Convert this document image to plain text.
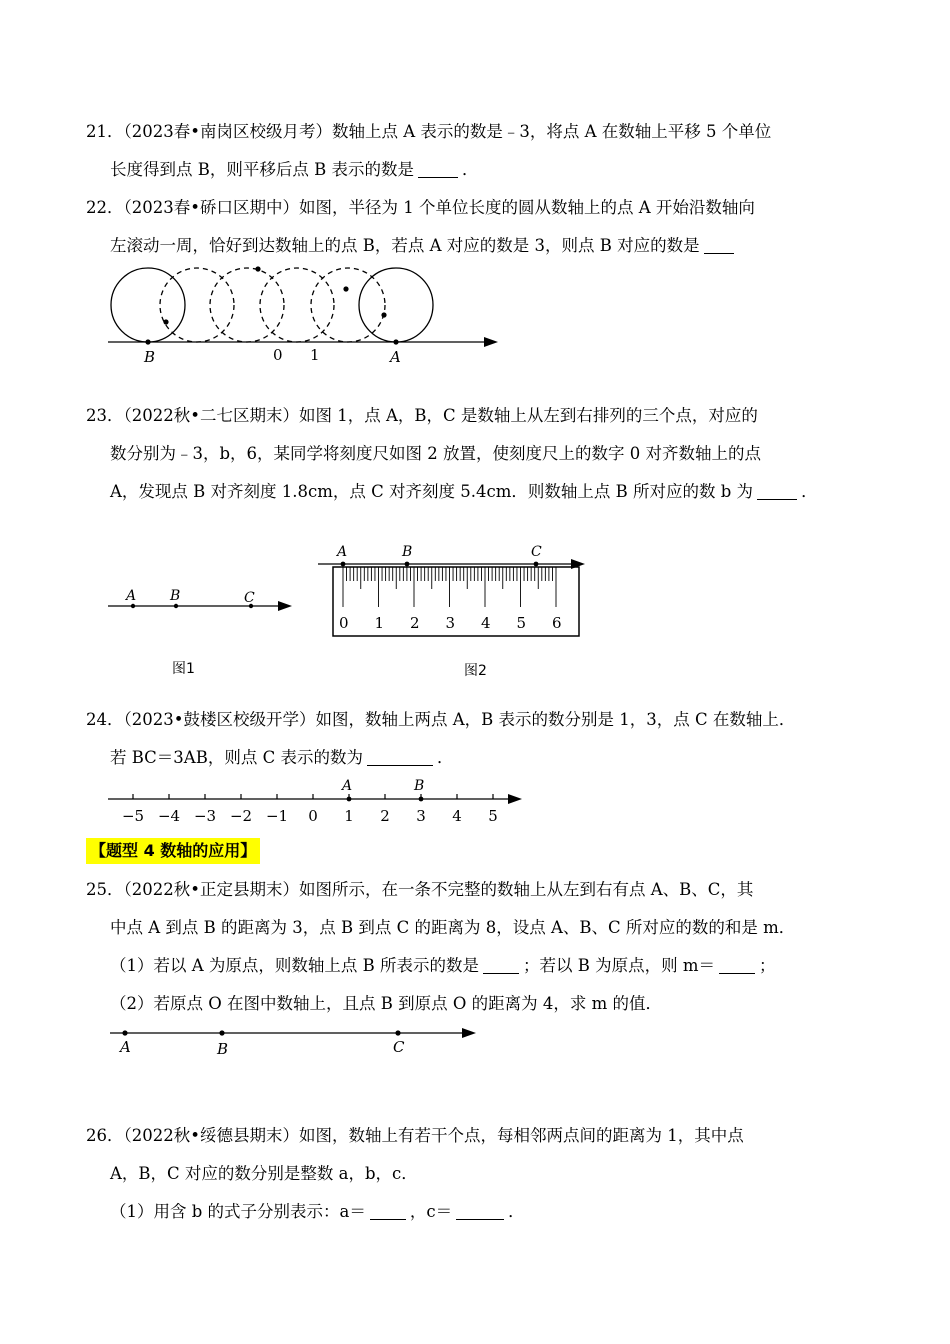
21．（2023春•南岗区校级月考）数轴上点 A 表示的数是﹣3，将点 A 在数轴上平移 5 个单位
长度得到点 B，则平移后点 B 表示的数是	．
22．（2023春•硚口区期中）如图，半径为 1 个单位长度的圆从数轴上的点 A 开始沿数轴向
左滚动一周，恰好到达数轴上的点 B，若点 A 对应的数是 3，则点 B 对应的数是
B	0 1	A
23．（2022秋•二七区期末）如图 1，点 A，B，C 是数轴上从左到右排列的三个点，对应的
数分别为﹣3，b，6，某同学将刻度尺如图 2 放置，使刻度尺上的数字 0 对齐数轴上的点
A，发现点 B 对齐刻度 1.8cm，点 C 对齐刻度 5.4cm．则数轴上点 B 所对应的数 b 为	．
A B	C
图1
A	B	C
0 1 2 3 4 5 6
图2
24．（2023•鼓楼区校级开学）如图，数轴上两点 A，B 表示的数分别是 1，3，点 C 在数轴上．
若 BC＝3AB，则点 C 表示的数为	．
−5 −4 −3 −2 −1 0 1 2 3 4 5
A	B
【题型 4 数轴的应用】
25．（2022秋•正定县期末）如图所示，在一条不完整的数轴上从左到右有点 A、B、C，其
中点 A 到点 B 的距离为 3，点 B 到点 C 的距离为 8，设点 A、B、C 所对应的数的和是 m．
（1）若以 A 为原点，则数轴上点 B 所表示的数是	；若以 B 为原点，则 m＝	；
（2）若原点 O 在图中数轴上，且点 B 到原点 O 的距离为 4，求 m 的值．
A	B	C
26．（2022秋•绥德县期末）如图，数轴上有若干个点，每相邻两点间的距离为 1，其中点
A，B，C 对应的数分别是整数 a，b，c．
（1）用含 b 的式子分别表示：a＝	，c＝	．
